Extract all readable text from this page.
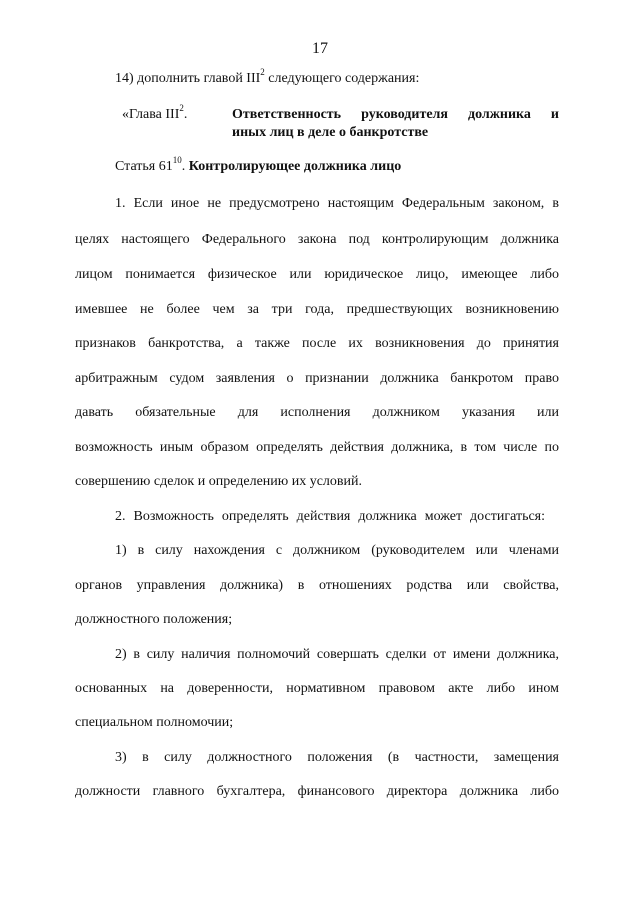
17
14) дополнить главой III$^2$ следующего содержания:
«Глава III$^2$.	Ответственность руководителя должника и
иных лиц в деле о банкротстве
Статья $61^{10}$. Контролирующее должника лицо
1. Если иное не предусмотрено настоящим Федеральным законом, в
целях настоящего Федерального закона под контролирующим должника
лицом понимается физическое или юридическое лицо, имеющее либо
имевшее не более чем за три года, предшествующих возникновению
признаков банкротства, а также после их возникновения до принятия
арбитражным судом заявления о признании должника банкротом право
давать обязательные для исполнения должником указания или
возможность иным образом определять действия должника, в том числе по
совершению сделок и определению их условий.
2. Возможность определять действия должника может достигаться:
1) в силу нахождения с должником (руководителем или членами
органов управления должника) в отношениях родства или свойства,
должностного положения;
2) в силу наличия полномочий совершать сделки от имени должника,
основанных на доверенности, нормативном правовом акте либо ином
специальном полномочии;
3) в силу должностного положения (в частности, замещения
должности главного бухгалтера, финансового директора должника либо
